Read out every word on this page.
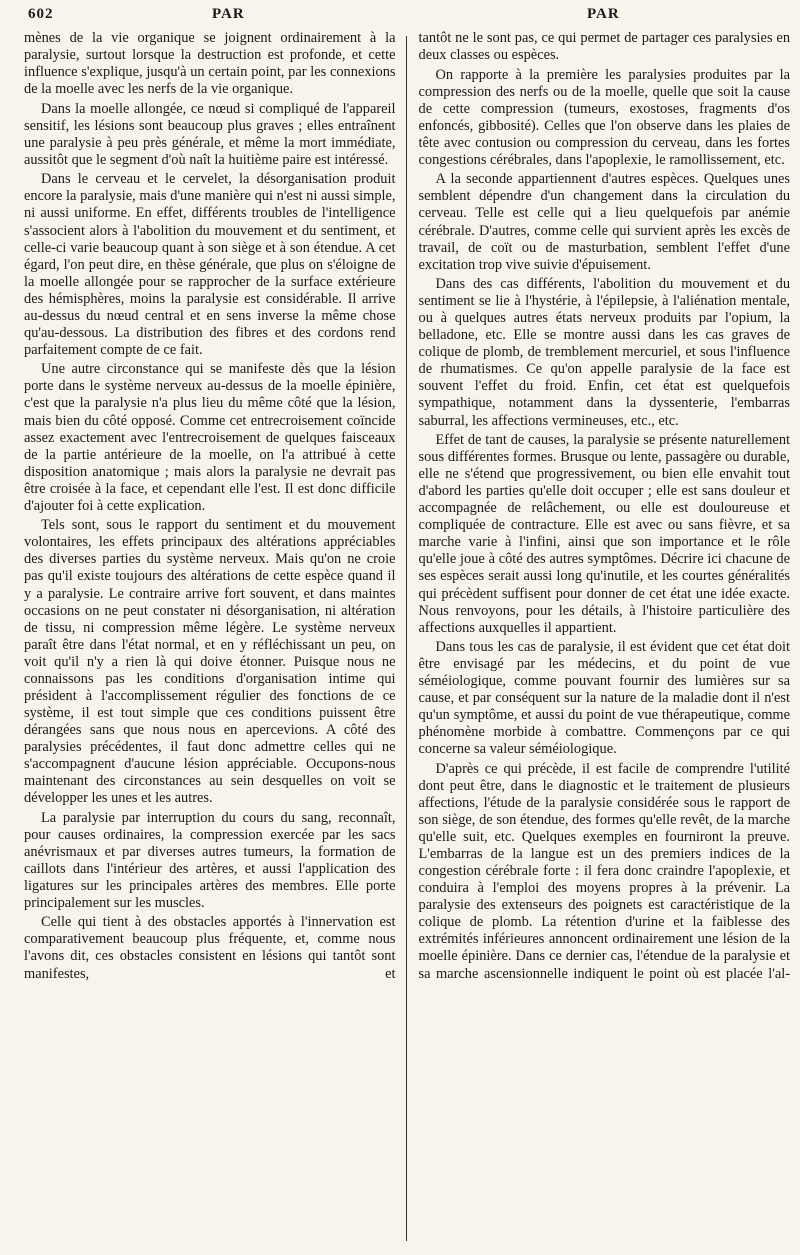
602	PAR	PAR

mènes de la vie organique se joignent ordinairement à la paralysie, surtout lorsque la destruction est profonde, et cette influence s'explique, jusqu'à un certain point, par les connexions de la moelle avec les nerfs de la vie organique.

Dans la moelle allongée, ce nœud si compliqué de l'appareil sensitif, les lésions sont beaucoup plus graves ; elles entraînent une paralysie à peu près générale, et même la mort immédiate, aussitôt que le segment d'où naît la huitième paire est intéressé.

Dans le cerveau et le cervelet, la désorganisation produit encore la paralysie, mais d'une manière qui n'est ni aussi simple, ni aussi uniforme. En effet, différents troubles de l'intelligence s'associent alors à l'abolition du mouvement et du sentiment, et celle-ci varie beaucoup quant à son siège et à son étendue. A cet égard, l'on peut dire, en thèse générale, que plus on s'éloigne de la moelle allongée pour se rapprocher de la surface extérieure des hémisphères, moins la paralysie est considérable. Il arrive au-dessus du nœud central et en sens inverse la même chose qu'au-dessous. La distribution des fibres et des cordons rend parfaitement compte de ce fait.

Une autre circonstance qui se manifeste dès que la lésion porte dans le système nerveux au-dessus de la moelle épinière, c'est que la paralysie n'a plus lieu du même côté que la lésion, mais bien du côté opposé. Comme cet entrecroisement coïncide assez exactement avec l'entrecroisement de quelques faisceaux de la partie antérieure de la moelle, on l'a attribué à cette disposition anatomique ; mais alors la paralysie ne devrait pas être croisée à la face, et cependant elle l'est. Il est donc difficile d'ajouter foi à cette explication.

Tels sont, sous le rapport du sentiment et du mouvement volontaires, les effets principaux des altérations appréciables des diverses parties du système nerveux. Mais qu'on ne croie pas qu'il existe toujours des altérations de cette espèce quand il y a paralysie. Le contraire arrive fort souvent, et dans maintes occasions on ne peut constater ni désorganisation, ni altération de tissu, ni compression même légère. Le système nerveux paraît être dans l'état normal, et en y réfléchissant un peu, on voit qu'il n'y a rien là qui doive étonner. Puisque nous ne connaissons pas les conditions d'organisation intime qui président à l'accomplissement régulier des fonctions de ce système, il est tout simple que ces conditions puissent être dérangées sans que nous nous en apercevions. A côté des paralysies précédentes, il faut donc admettre celles qui ne s'accompagnent d'aucune lésion appréciable. Occupons-nous maintenant des circonstances au sein desquelles on voit se développer les unes et les autres.

La paralysie par interruption du cours du sang, reconnaît, pour causes ordinaires, la compression exercée par les sacs anévrismaux et par diverses autres tumeurs, la formation de caillots dans l'intérieur des artères, et aussi l'application des ligatures sur les principales artères des membres. Elle porte principalement sur les muscles.

Celle qui tient à des obstacles apportés à l'innervation est comparativement beaucoup plus fréquente, et, comme nous l'avons dit, ces obstacles consistent en lésions qui tantôt sont manifestes, et

tantôt ne le sont pas, ce qui permet de partager ces paralysies en deux classes ou espèces.

On rapporte à la première les paralysies produites par la compression des nerfs ou de la moelle, quelle que soit la cause de cette compression (tumeurs, exostoses, fragments d'os enfoncés, gibbosité). Celles que l'on observe dans les plaies de tête avec contusion ou compression du cerveau, dans les fortes congestions cérébrales, dans l'apoplexie, le ramollissement, etc.

A la seconde appartiennent d'autres espèces. Quelques unes semblent dépendre d'un changement dans la circulation du cerveau. Telle est celle qui a lieu quelquefois par anémie cérébrale. D'autres, comme celle qui survient après les excès de travail, de coït ou de masturbation, semblent l'effet d'une excitation trop vive suivie d'épuisement.

Dans des cas différents, l'abolition du mouvement et du sentiment se lie à l'hystérie, à l'épilepsie, à l'aliénation mentale, ou à quelques autres états nerveux produits par l'opium, la belladone, etc. Elle se montre aussi dans les cas graves de colique de plomb, de tremblement mercuriel, et sous l'influence de rhumatismes. Ce qu'on appelle paralysie de la face est souvent l'effet du froid. Enfin, cet état est quelquefois sympathique, notamment dans la dyssenterie, l'embarras saburral, les affections vermineuses, etc., etc.

Effet de tant de causes, la paralysie se présente naturellement sous différentes formes. Brusque ou lente, passagère ou durable, elle ne s'étend que progressivement, ou bien elle envahit tout d'abord les parties qu'elle doit occuper ; elle est sans douleur et accompagnée de relâchement, ou elle est douloureuse et compliquée de contracture. Elle est avec ou sans fièvre, et sa marche varie à l'infini, ainsi que son importance et le rôle qu'elle joue à côté des autres symptômes. Décrire ici chacune de ses espèces serait aussi long qu'inutile, et les courtes généralités qui précèdent suffisent pour donner de cet état une idée exacte. Nous renvoyons, pour les détails, à l'histoire particulière des affections auxquelles il appartient.

Dans tous les cas de paralysie, il est évident que cet état doit être envisagé par les médecins, et du point de vue séméiologique, comme pouvant fournir des lumières sur sa cause, et par conséquent sur la nature de la maladie dont il n'est qu'un symptôme, et aussi du point de vue thérapeutique, comme phénomène morbide à combattre. Commençons par ce qui concerne sa valeur séméiologique.

D'après ce qui précède, il est facile de comprendre l'utilité dont peut être, dans le diagnostic et le traitement de plusieurs affections, l'étude de la paralysie considérée sous le rapport de son siège, de son étendue, des formes qu'elle revêt, de la marche qu'elle suit, etc. Quelques exemples en fourniront la preuve. L'embarras de la langue est un des premiers indices de la congestion cérébrale forte : il fera donc craindre l'apoplexie, et conduira à l'emploi des moyens propres à la prévenir. La paralysie des extenseurs des poignets est caractéristique de la colique de plomb. La rétention d'urine et la faiblesse des extrémités inférieures annoncent ordinairement une lésion de la moelle épinière. Dans ce dernier cas, l'étendue de la paralysie et sa marche ascensionnelle indiquent le point où est placée l'al-
